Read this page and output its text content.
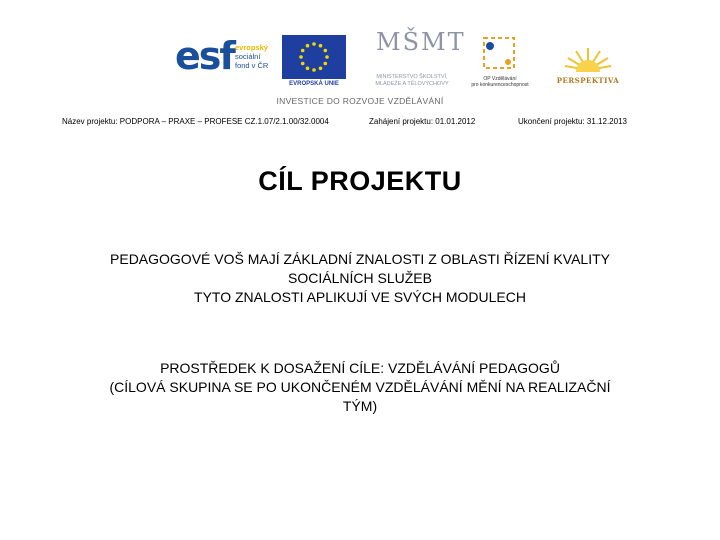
esf evropský
sociální
fond v ČR
EVROPSKÁ UNIE
MŠMT
MINISTERSTVO ŠKOLSTVÍ,
MLÁDEŽE A TĚLOVÝCHOVY
OP Vzdělávání
pro konkurenceschopnost	PERSPEKTIVA
INVESTICE DO ROZVOJE VZDĚLÁVÁNÍ
Název projektu: PODPORA – PRAXE – PROFESE CZ.1.07/2.1.00/32.0004	Zahájení projektu: 01.01.2012	Ukončení projektu: 31.12.2013
CÍL PROJEKTU
PEDAGOGOVÉ VOŠ MAJÍ ZÁKLADNÍ ZNALOSTI Z OBLASTI ŘÍZENÍ KVALITY
SOCIÁLNÍCH SLUŽEB
TYTO ZNALOSTI APLIKUJÍ VE SVÝCH MODULECH
PROSTŘEDEK K DOSAŽENÍ CÍLE: VZDĚLÁVÁNÍ PEDAGOGŮ
(CÍLOVÁ SKUPINA SE PO UKONČENÉM VZDĚLÁVÁNÍ MĚNÍ NA REALIZAČNÍ
TÝM)
